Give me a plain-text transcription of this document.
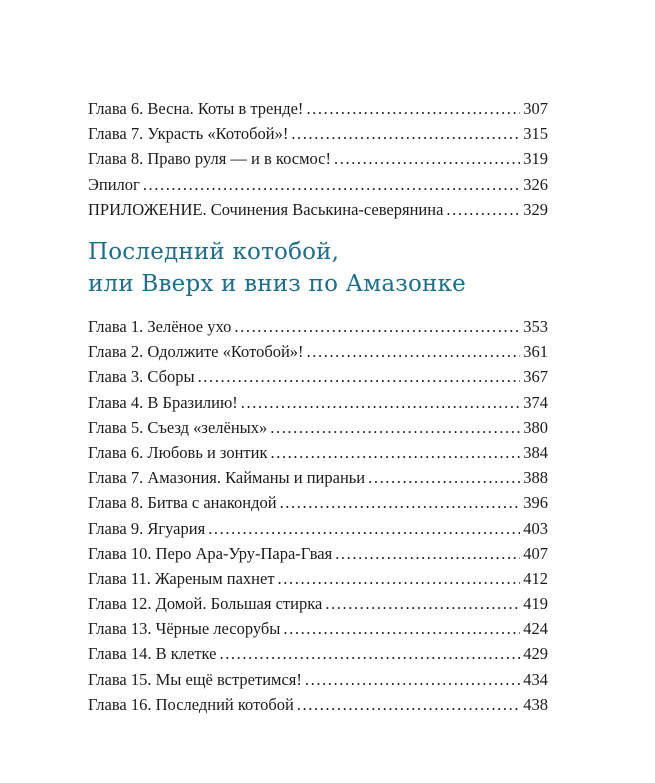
Глава 6. Весна. Коты в тренде! .....	307
Глава 7. Украсть «Котобой»! .....	315
Глава 8. Право руля — и в космос! .....	319
Эпилог .....	326
ПРИЛОЖЕНИЕ. Сочинения Васькина-северянина .....	329
Последний котобой,
или Вверх и вниз по Амазонке
Глава 1. Зелёное ухо .....	353
Глава 2. Одолжите «Котобой»! .....	361
Глава 3. Сборы .....	367
Глава 4. В Бразилию! .....	374
Глава 5. Съезд «зелёных» .....	380
Глава 6. Любовь и зонтик .....	384
Глава 7. Амазония. Кайманы и пираньи .....	388
Глава 8. Битва с анакондой .....	396
Глава 9. Ягуария .....	403
Глава 10. Перо Ара-Уру-Пара-Гвая .....	407
Глава 11. Жареным пахнет .....	412
Глава 12. Домой. Большая стирка .....	419
Глава 13. Чёрные лесорубы .....	424
Глава 14. В клетке .....	429
Глава 15. Мы ещё встретимся! .....	434
Глава 16. Последний котобой .....	438
